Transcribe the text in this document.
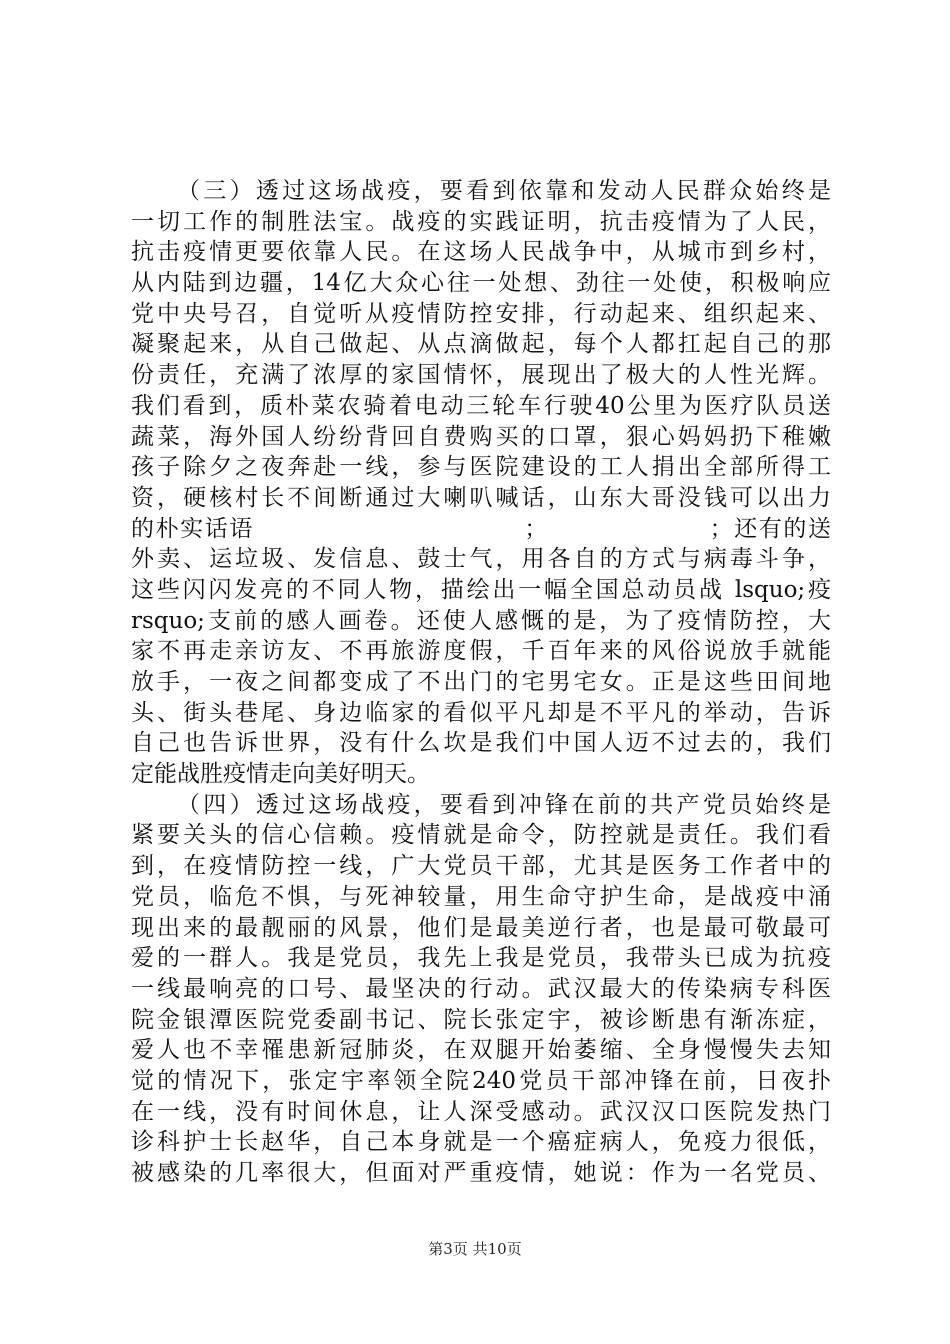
（三）透过这场战疫，要看到依靠和发动人民群众始终是
一切工作的制胜法宝。战疫的实践证明，抗击疫情为了人民，
抗击疫情更要依靠人民。在这场人民战争中，从城市到乡村，
从内陆到边疆，14亿大众心往一处想、劲往一处使，积极响应
党中央号召，自觉听从疫情防控安排，行动起来、组织起来、
凝聚起来，从自己做起、从点滴做起，每个人都扛起自己的那
份责任，充满了浓厚的家国情怀，展现出了极大的人性光辉。
我们看到，质朴菜农骑着电动三轮车行驶40公里为医疗队员送
蔬菜，海外国人纷纷背回自费购买的口罩，狠心妈妈扔下稚嫩
孩子除夕之夜奔赴一线，参与医院建设的工人捐出全部所得工
资，硬核村长不间断通过大喇叭喊话，山东大哥没钱可以出力
的朴实话语　　　　　　　　　　　；　　　　　　　；还有的送
外卖、运垃圾、发信息、鼓士气，用各自的方式与病毒斗争，
这些闪闪发亮的不同人物，描绘出一幅全国总动员战 lsquo;疫
rsquo;支前的感人画卷。还使人感慨的是，为了疫情防控，大
家不再走亲访友、不再旅游度假，千百年来的风俗说放手就能
放手，一夜之间都变成了不出门的宅男宅女。正是这些田间地
头、街头巷尾、身边临家的看似平凡却是不平凡的举动，告诉
自己也告诉世界，没有什么坎是我们中国人迈不过去的，我们
定能战胜疫情走向美好明天。
（四）透过这场战疫，要看到冲锋在前的共产党员始终是
紧要关头的信心信赖。疫情就是命令，防控就是责任。我们看
到，在疫情防控一线，广大党员干部，尤其是医务工作者中的
党员，临危不惧，与死神较量，用生命守护生命，是战疫中涌
现出来的最靓丽的风景，他们是最美逆行者，也是最可敬最可
爱的一群人。我是党员，我先上我是党员，我带头已成为抗疫
一线最响亮的口号、最坚决的行动。武汉最大的传染病专科医
院金银潭医院党委副书记、院长张定宇，被诊断患有渐冻症，
爱人也不幸罹患新冠肺炎，在双腿开始萎缩、全身慢慢失去知
觉的情况下，张定宇率领全院240党员干部冲锋在前，日夜扑
在一线，没有时间休息，让人深受感动。武汉汉口医院发热门
诊科护士长赵华，自己本身就是一个癌症病人，免疫力很低，
被感染的几率很大，但面对严重疫情，她说：作为一名党员、
第3页 共10页
